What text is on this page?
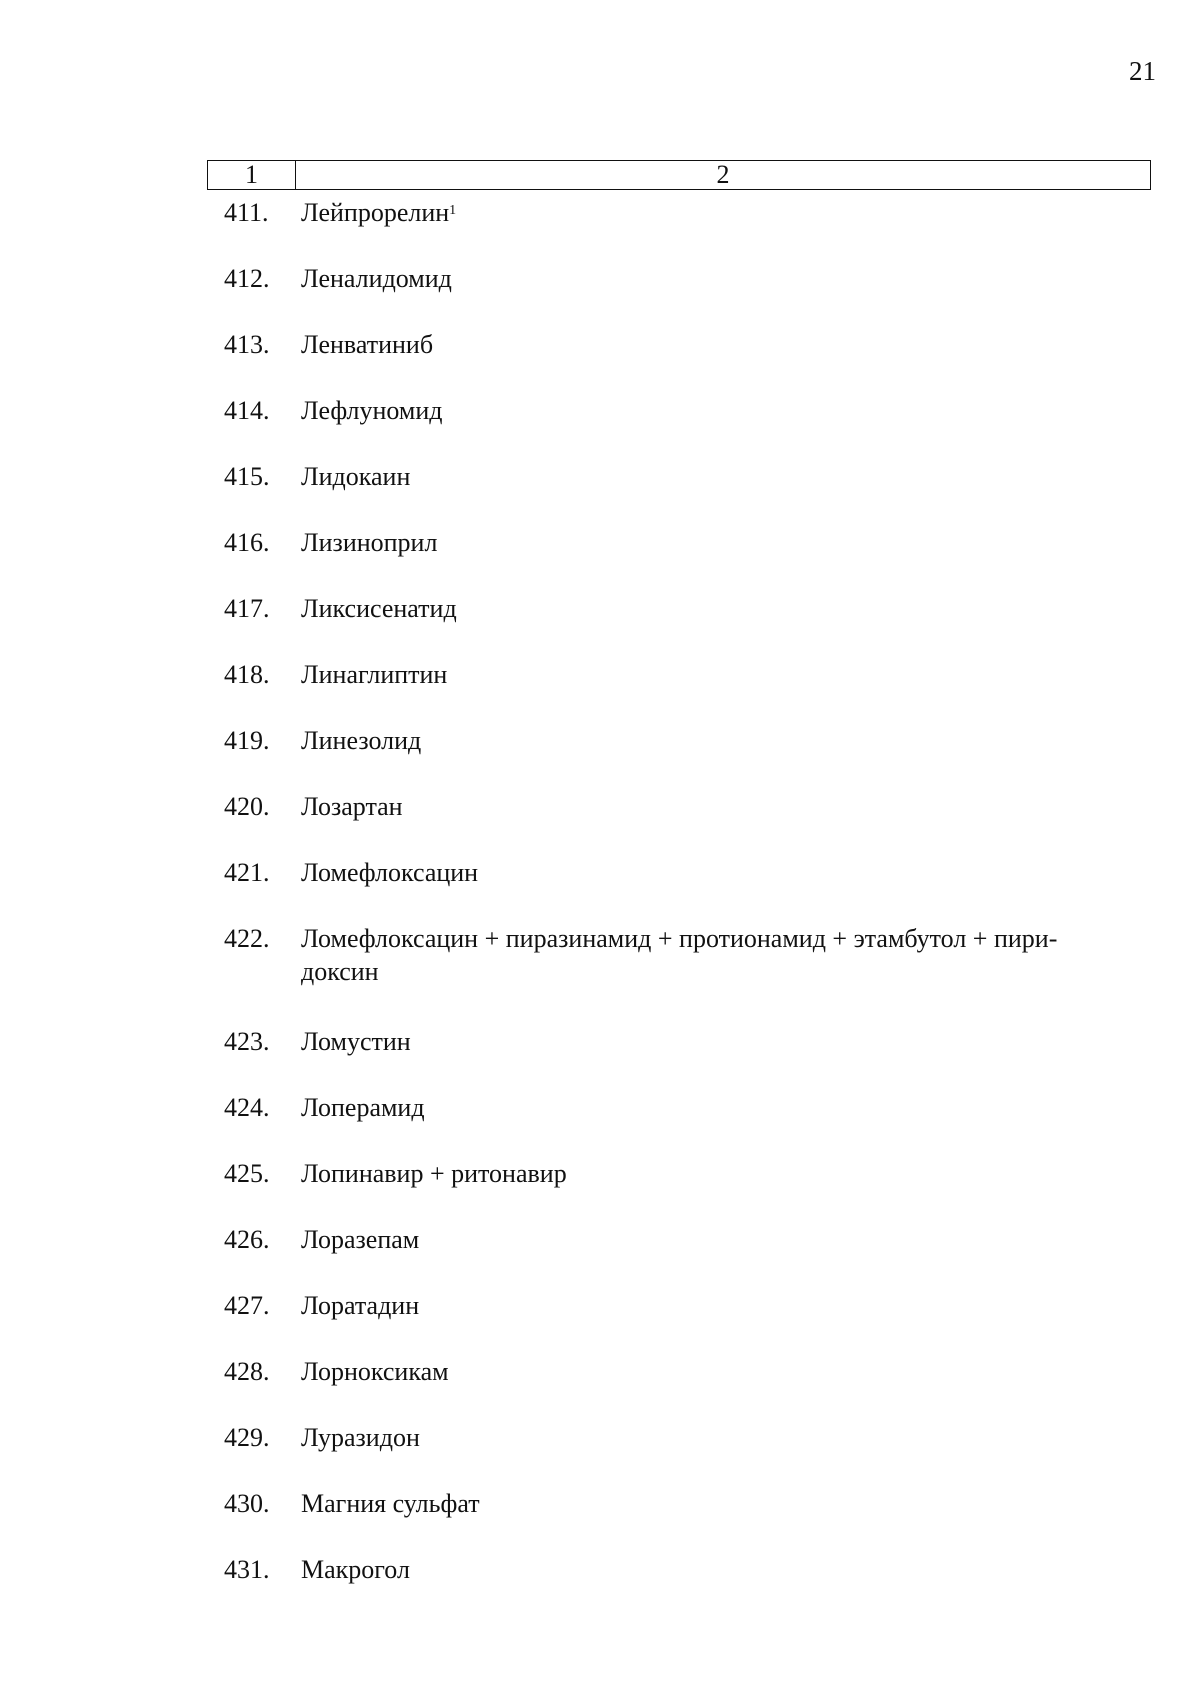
21
1	2
411.	Лейпрорелин$^1$
412.	Леналидомид
413.	Ленватиниб
414.	Лефлуномид
415.	Лидокаин
416.	Лизиноприл
417.	Ликсисенатид
418.	Линаглиптин
419.	Линезолид
420.	Лозартан
421.	Ломефлоксацин
422.	Ломефлоксацин + пиразинамид + протионамид + этамбутол + пири-
доксин
423.	Ломустин
424.	Лоперамид
425.	Лопинавир + ритонавир
426.	Лоразепам
427.	Лоратадин
428.	Лорноксикам
429.	Луразидон
430.	Магния сульфат
431.	Макрогол
